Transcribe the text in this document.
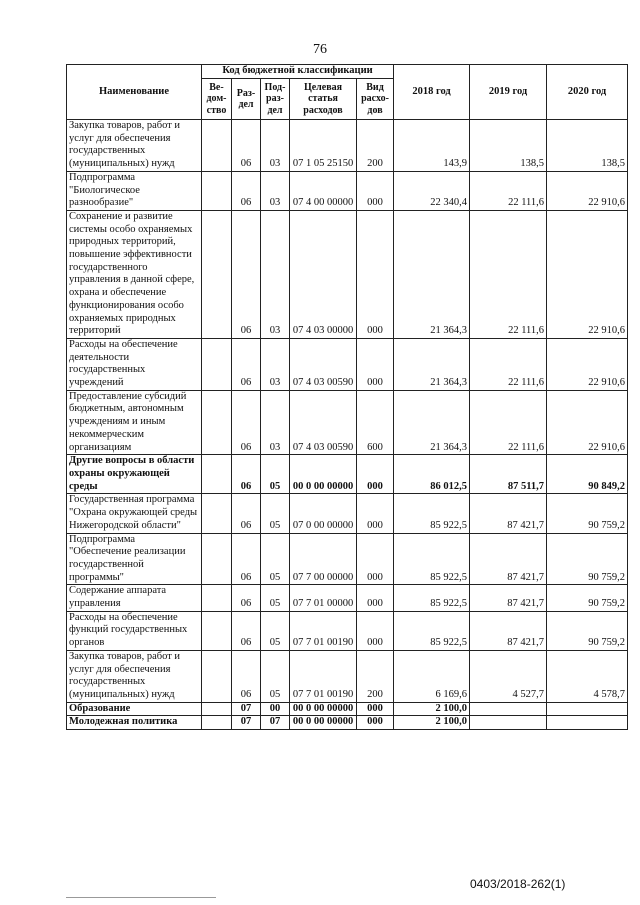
76
Наименование	Код бюджетной классификации					2018 год	2019 год	2020 год
	Ве-дом-ство	Раз-дел	Под-раз-дел	Целевая статья расходов	Вид расхо-дов			
Закупка товаров, работ и услуг для обеспечения государственных (муниципальных) нужд		06	03	07 1 05 25150	200	143,9	138,5	138,5
Подпрограмма "Биологическое разнообразие"		06	03	07 4 00 00000	000	22 340,4	22 111,6	22 910,6
Сохранение и развитие системы особо охраняемых природных территорий, повышение эффективности государственного управления в данной сфере, охрана и обеспечение функционирования особо охраняемых природных территорий		06	03	07 4 03 00000	000	21 364,3	22 111,6	22 910,6
Расходы на обеспечение деятельности государственных учреждений		06	03	07 4 03 00590	000	21 364,3	22 111,6	22 910,6
Предоставление субсидий бюджетным, автономным учреждениям и иным некоммерческим организациям		06	03	07 4 03 00590	600	21 364,3	22 111,6	22 910,6
Другие вопросы в области охраны окружающей среды		06	05	00 0 00 00000	000	86 012,5	87 511,7	90 849,2
Государственная программа "Охрана окружающей среды Нижегородской области"		06	05	07 0 00 00000	000	85 922,5	87 421,7	90 759,2
Подпрограмма "Обеспечение реализации государственной программы"		06	05	07 7 00 00000	000	85 922,5	87 421,7	90 759,2
Содержание аппарата управления		06	05	07 7 01 00000	000	85 922,5	87 421,7	90 759,2
Расходы на обеспечение функций государственных органов		06	05	07 7 01 00190	000	85 922,5	87 421,7	90 759,2
Закупка товаров, работ и услуг для обеспечения государственных (муниципальных) нужд		06	05	07 7 01 00190	200	6 169,6	4 527,7	4 578,7
Образование		07	00	00 0 00 00000	000	2 100,0		
Молодежная политика		07	07	00 0 00 00000	000	2 100,0		
0403/2018-262(1)
